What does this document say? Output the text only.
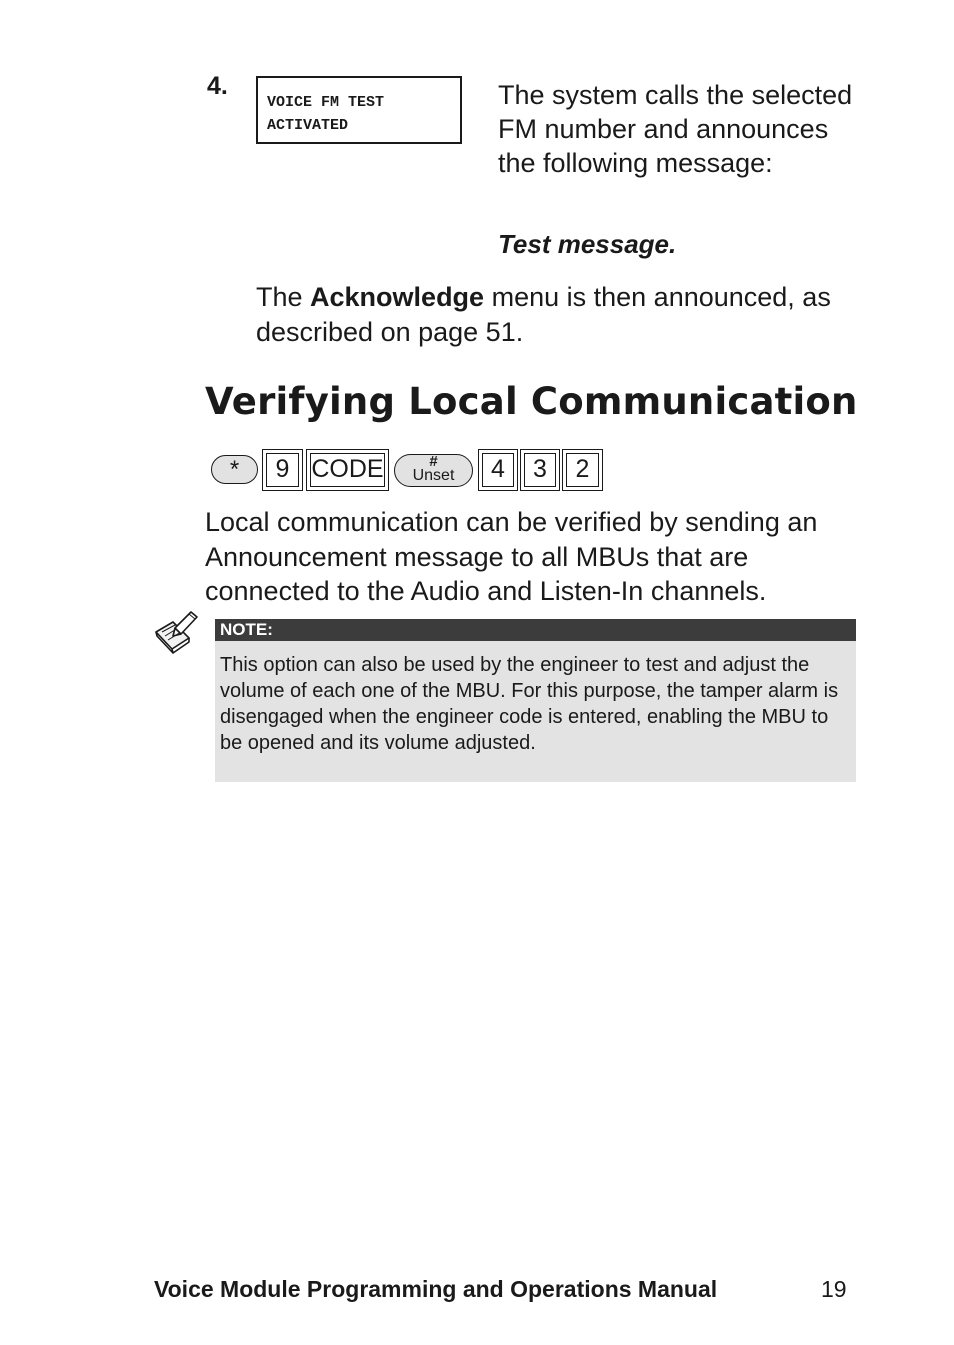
4.
VOICE FM TEST
ACTIVATED
The system calls the selected FM number and announces the following message:
Test message.
The Acknowledge menu is then announced, as described on page 51.
Verifying Local Communication
*	9 CODE	#
Unset	4	3	2
Local communication can be verified by sending an Announcement message to all MBUs that are connected to the Audio and Listen-In channels.
NOTE:
This option can also be used by the engineer to test and adjust the volume of each one of the MBU. For this purpose, the tamper alarm is disengaged when the engineer code is entered, enabling the MBU to be opened and its volume adjusted.
Voice Module Programming and Operations Manual	19
